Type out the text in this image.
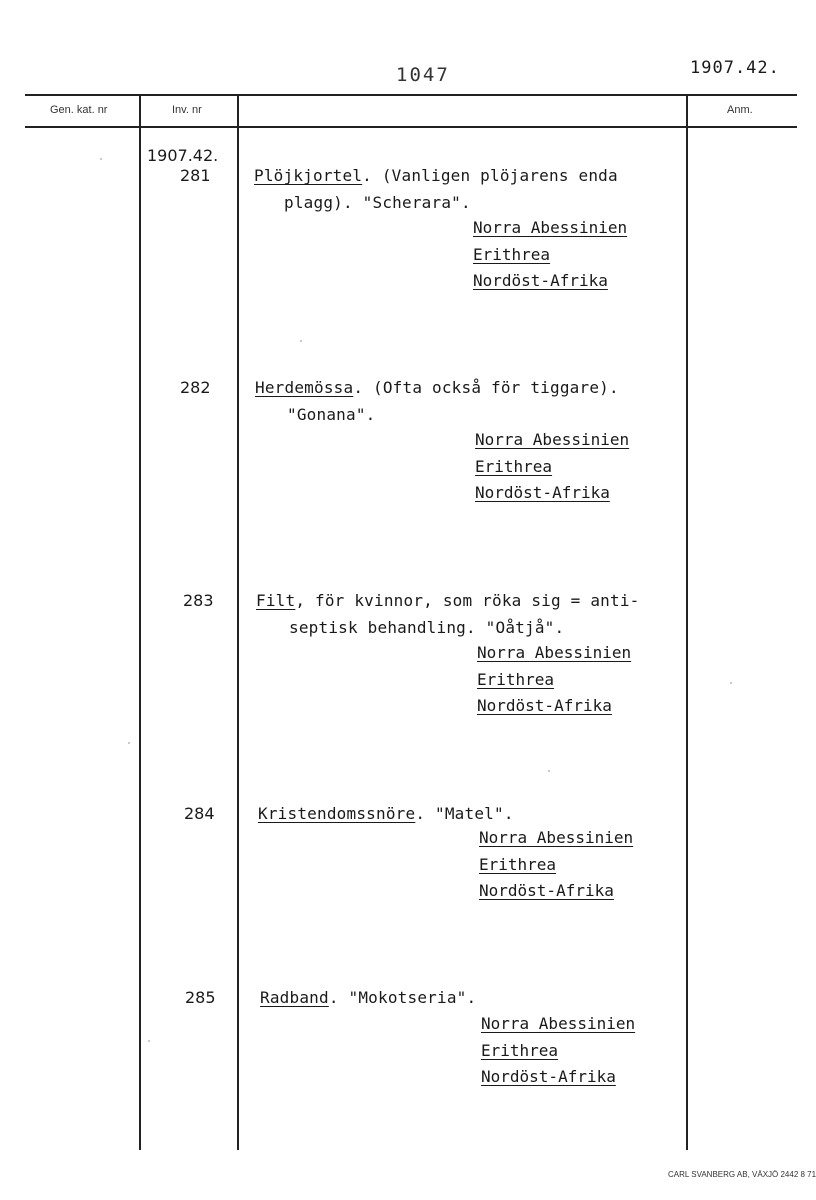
1047	1907.42.
Gen. kat. nr	Inv. nr	Anm.
1907.42.
281	Plöjkjortel. (Vanligen plöjarens enda
plagg). "Scherara".
Norra Abessinien
Erithrea
Nordöst-Afrika
282	Herdemössa. (Ofta också för tiggare).
"Gonana".
Norra Abessinien
Erithrea
Nordöst-Afrika
283	Filt, för kvinnor, som röka sig = anti-
septisk behandling. "Oåtjå".
Norra Abessinien
Erithrea
Nordöst-Afrika
284	Kristendomssnöre. "Matel".
Norra Abessinien
Erithrea
Nordöst-Afrika
285	Radband. "Mokotseria".
Norra Abessinien
Erithrea
Nordöst-Afrika
CARL SVANBERG AB, VÄXJÖ 2442 8 71
